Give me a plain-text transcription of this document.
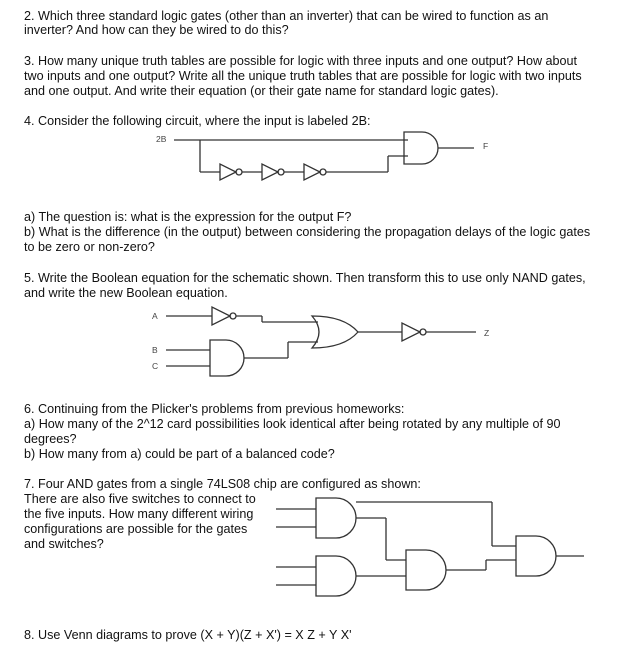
2. Which three standard logic gates (other than an inverter) that can be wired to function as an
inverter? And how can they be wired to do this?
3. How many unique truth tables are possible for logic with three inputs and one output? How about
two inputs and one output? Write all the unique truth tables that are possible for logic with two inputs
and one output. And write their equation (or their gate name for standard logic gates).
4. Consider the following circuit, where the input is labeled 2B:
2B
F
a) The question is: what is the expression for the output F?
b) What is the difference (in the output) between considering the propagation delays of the logic gates
to be zero or non-zero?
5. Write the Boolean equation for the schematic shown. Then transform this to use only NAND gates,
and write the new Boolean equation.
A
B
C
Z
6. Continuing from the Plicker's problems from previous homeworks:
a) How many of the 2^12 card possibilities look identical after being rotated by any multiple of 90
degrees?
b) How many from a) could be part of a balanced code?
7. Four AND gates from a single 74LS08 chip are configured as shown:
There are also five switches to connect to
the five inputs. How many different wiring
configurations are possible for the gates
and switches?
8. Use Venn diagrams to prove (X + Y)(Z + X') = X Z + Y X'
